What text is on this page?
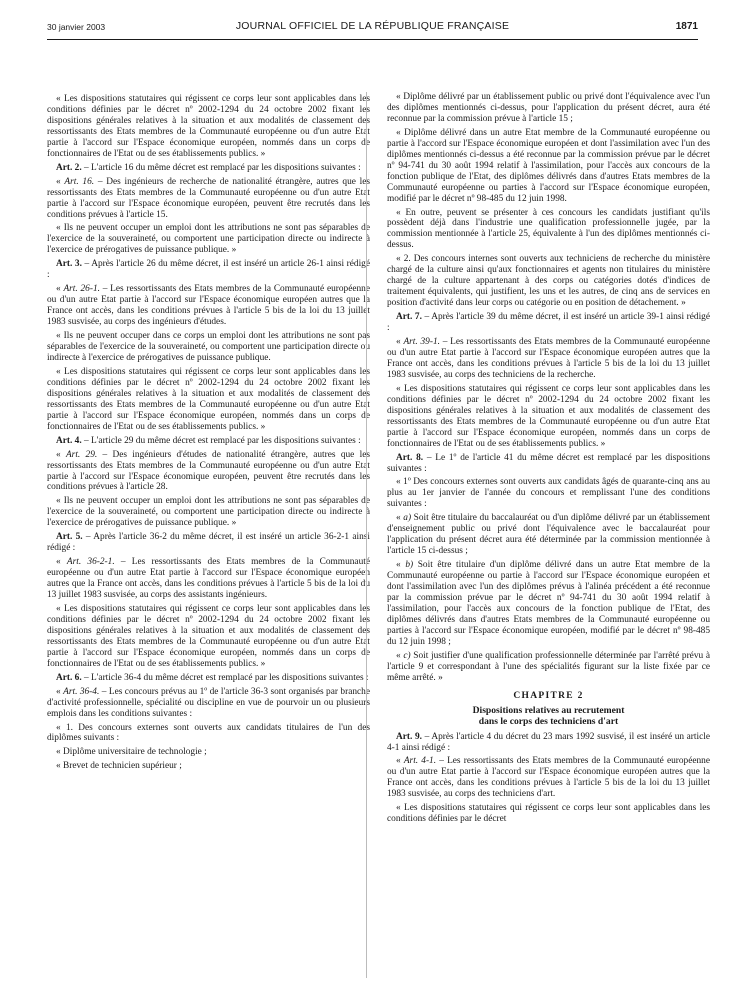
30 janvier 2003	JOURNAL OFFICIEL DE LA RÉPUBLIQUE FRANÇAISE	1871

« Les dispositions statutaires qui régissent ce corps leur sont applicables dans les conditions définies par le décret nº 2002-1294 du 24 octobre 2002 fixant les dispositions générales relatives à la situation et aux modalités de classement des ressortissants des Etats membres de la Communauté européenne ou d'un autre Etat partie à l'accord sur l'Espace économique européen, nommés dans un corps de fonctionnaires de l'Etat ou de ses établissements publics. »

Art. 2. – L'article 16 du même décret est remplacé par les dispositions suivantes :

« Art. 16. – Des ingénieurs de recherche de nationalité étrangère, autres que les ressortissants des Etats membres de la Communauté européenne ou d'un autre Etat partie à l'accord sur l'Espace économique européen, peuvent être recrutés dans les conditions prévues à l'article 15.

« Ils ne peuvent occuper un emploi dont les attributions ne sont pas séparables de l'exercice de la souveraineté, ou comportent une participation directe ou indirecte à l'exercice de prérogatives de puissance publique. »

Art. 3. – Après l'article 26 du même décret, il est inséré un article 26-1 ainsi rédigé :

« Art. 26-1. – Les ressortissants des Etats membres de la Communauté européenne ou d'un autre Etat partie à l'accord sur l'Espace économique européen autres que la France ont accès, dans les conditions prévues à l'article 5 bis de la loi du 13 juillet 1983 susvisée, au corps des ingénieurs d'études.

« Ils ne peuvent occuper dans ce corps un emploi dont les attributions ne sont pas séparables de l'exercice de la souveraineté, ou comportent une participation directe ou indirecte à l'exercice de prérogatives de puissance publique.

« Les dispositions statutaires qui régissent ce corps leur sont applicables dans les conditions définies par le décret nº 2002-1294 du 24 octobre 2002 fixant les dispositions générales relatives à la situation et aux modalités de classement des ressortissants des Etats membres de la Communauté européenne ou d'un autre Etat partie à l'accord sur l'Espace économique européen, nommés dans un corps de fonctionnaires de l'Etat ou de ses établissements publics. »

Art. 4. – L'article 29 du même décret est remplacé par les dispositions suivantes :

« Art. 29. – Des ingénieurs d'études de nationalité étrangère, autres que les ressortissants des Etats membres de la Communauté européenne ou d'un autre Etat partie à l'accord sur l'Espace économique européen, peuvent être recrutés dans les conditions prévues à l'article 28.

« Ils ne peuvent occuper un emploi dont les attributions ne sont pas séparables de l'exercice de la souveraineté, ou comportent une participation directe ou indirecte à l'exercice de prérogatives de puissance publique. »

Art. 5. – Après l'article 36-2 du même décret, il est inséré un article 36-2-1 ainsi rédigé :

« Art. 36-2-1. – Les ressortissants des Etats membres de la Communauté européenne ou d'un autre Etat partie à l'accord sur l'Espace économique européen autres que la France ont accès, dans les conditions prévues à l'article 5 bis de la loi du 13 juillet 1983 susvisée, au corps des assistants ingénieurs.

« Les dispositions statutaires qui régissent ce corps leur sont applicables dans les conditions définies par le décret nº 2002-1294 du 24 octobre 2002 fixant les dispositions générales relatives à la situation et aux modalités de classement des ressortissants des Etats membres de la Communauté européenne ou d'un autre Etat partie à l'accord sur l'Espace économique européen, nommés dans un corps de fonctionnaires de l'Etat ou de ses établissements publics. »

Art. 6. – L'article 36-4 du même décret est remplacé par les dispositions suivantes :

« Art. 36-4. – Les concours prévus au 1º de l'article 36-3 sont organisés par branche d'activité professionnelle, spécialité ou discipline en vue de pourvoir un ou plusieurs emplois dans les conditions suivantes :

« 1. Des concours externes sont ouverts aux candidats titulaires de l'un des diplômes suivants :

« Diplôme universitaire de technologie ;

« Brevet de technicien supérieur ;

« Diplôme délivré par un établissement public ou privé dont l'équivalence avec l'un des diplômes mentionnés ci-dessus, pour l'application du présent décret, aura été reconnue par la commission prévue à l'article 15 ;

« Diplôme délivré dans un autre Etat membre de la Communauté européenne ou partie à l'accord sur l'Espace économique européen et dont l'assimilation avec l'un des diplômes mentionnés ci-dessus a été reconnue par la commission prévue par le décret nº 94-741 du 30 août 1994 relatif à l'assimilation, pour l'accès aux concours de la fonction publique de l'Etat, des diplômes délivrés dans d'autres Etats membres de la Communauté européenne ou parties à l'accord sur l'Espace économique européen, modifié par le décret nº 98-485 du 12 juin 1998.

« En outre, peuvent se présenter à ces concours les candidats justifiant qu'ils possèdent déjà dans l'industrie une qualification professionnelle jugée, par la commission mentionnée à l'article 25, équivalente à l'un des diplômes mentionnés ci-dessus.

« 2. Des concours internes sont ouverts aux techniciens de recherche du ministère chargé de la culture ainsi qu'aux fonctionnaires et agents non titulaires du ministère chargé de la culture appartenant à des corps ou catégories dotés d'indices de traitement équivalents, qui justifient, les uns et les autres, de cinq ans de services en position d'activité dans leur corps ou catégorie ou en position de détachement. »

Art. 7. – Après l'article 39 du même décret, il est inséré un article 39-1 ainsi rédigé :

« Art. 39-1. – Les ressortissants des Etats membres de la Communauté européenne ou d'un autre Etat partie à l'accord sur l'Espace économique européen autres que la France ont accès, dans les conditions prévues à l'article 5 bis de la loi du 13 juillet 1983 susvisée, au corps des techniciens de la recherche.

« Les dispositions statutaires qui régissent ce corps leur sont applicables dans les conditions définies par le décret nº 2002-1294 du 24 octobre 2002 fixant les dispositions générales relatives à la situation et aux modalités de classement des ressortissants des Etats membres de la Communauté européenne ou d'un autre Etat partie à l'accord sur l'Espace économique européen, nommés dans un corps de fonctionnaires de l'Etat ou de ses établissements publics. »

Art. 8. – Le 1º de l'article 41 du même décret est remplacé par les dispositions suivantes :

« 1º Des concours externes sont ouverts aux candidats âgés de quarante-cinq ans au plus au 1er janvier de l'année du concours et remplissant l'une des conditions suivantes :

« a) Soit être titulaire du baccalauréat ou d'un diplôme délivré par un établissement d'enseignement public ou privé dont l'équivalence avec le baccalauréat pour l'application du présent décret aura été déterminée par la commission mentionnée à l'article 15 ci-dessus ;

« b) Soit être titulaire d'un diplôme délivré dans un autre Etat membre de la Communauté européenne ou partie à l'accord sur l'Espace économique européen et dont l'assimilation avec l'un des diplômes prévus à l'alinéa précédent a été reconnue par la commission prévue par le décret nº 94-741 du 30 août 1994 relatif à l'assimilation, pour l'accès aux concours de la fonction publique de l'Etat, des diplômes délivrés dans d'autres Etats membres de la Communauté européenne ou parties à l'accord sur l'Espace économique européen, modifié par le décret nº 98-485 du 12 juin 1998 ;

« c) Soit justifier d'une qualification professionnelle déterminée par l'arrêté prévu à l'article 9 et correspondant à l'une des spécialités figurant sur la liste fixée par ce même arrêté. »

CHAPITRE 2
Dispositions relatives au recrutement
dans le corps des techniciens d'art

Art. 9. – Après l'article 4 du décret du 23 mars 1992 susvisé, il est inséré un article 4-1 ainsi rédigé :

« Art. 4-1. – Les ressortissants des Etats membres de la Communauté européenne ou d'un autre Etat partie à l'accord sur l'Espace économique européen autres que la France ont accès, dans les conditions prévues à l'article 5 bis de la loi du 13 juillet 1983 susvisée, au corps des techniciens d'art.

« Les dispositions statutaires qui régissent ce corps leur sont applicables dans les conditions définies par le décret
